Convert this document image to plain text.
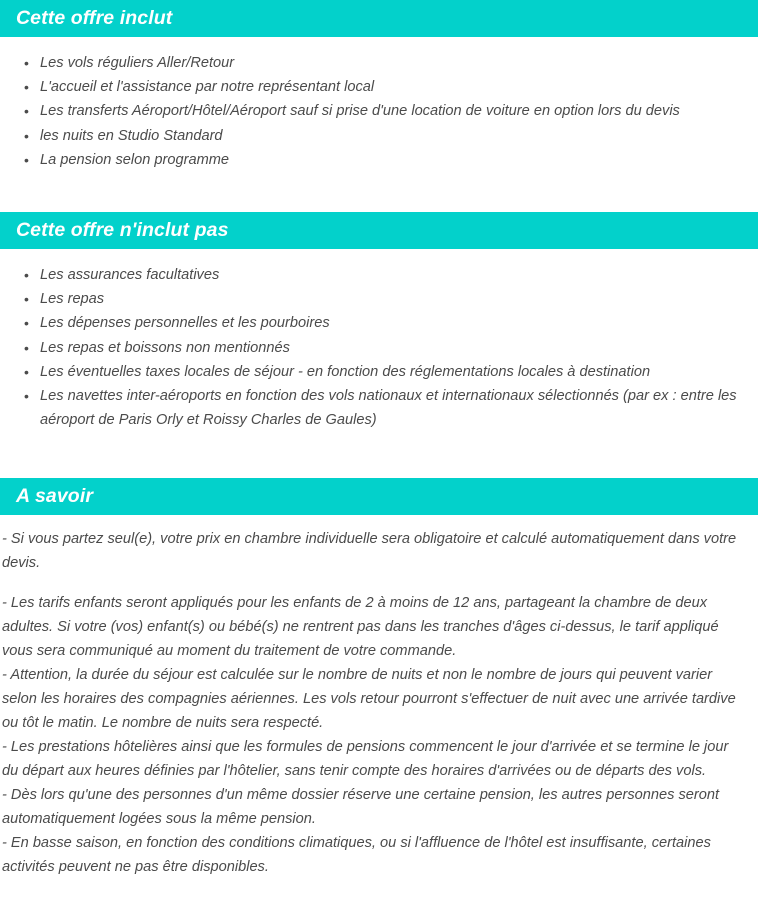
Cette offre inclut
• Les vols réguliers Aller/Retour
• L'accueil et l'assistance par notre représentant local
• Les transferts Aéroport/Hôtel/Aéroport sauf si prise d'une location de voiture en option lors du devis
• les nuits en Studio Standard
• La pension selon programme
Cette offre n'inclut pas
• Les assurances facultatives
• Les repas
• Les dépenses personnelles et les pourboires
• Les repas et boissons non mentionnés
• Les éventuelles taxes locales de séjour - en fonction des réglementations locales à destination
• Les navettes inter-aéroports en fonction des vols nationaux et internationaux sélectionnés (par ex : entre les aéroport de Paris Orly et Roissy Charles de Gaules)
A savoir

- Si vous partez seul(e), votre prix en chambre individuelle sera obligatoire et calculé automatiquement dans votre devis.

- Les tarifs enfants seront appliqués pour les enfants de 2 à moins de 12 ans, partageant la chambre de deux adultes. Si votre (vos) enfant(s) ou bébé(s) ne rentrent pas dans les tranches d'âges ci-dessus, le tarif appliqué vous sera communiqué au moment du traitement de votre commande.

- Attention, la durée du séjour est calculée sur le nombre de nuits et non le nombre de jours qui peuvent varier selon les horaires des compagnies aériennes. Les vols retour pourront s'effectuer de nuit avec une arrivée tardive ou tôt le matin. Le nombre de nuits sera respecté.

- Les prestations hôtelières ainsi que les formules de pensions commencent le jour d'arrivée et se termine le jour du départ aux heures définies par l'hôtelier, sans tenir compte des horaires d'arrivées ou de départs des vols.

- Dès lors qu'une des personnes d'un même dossier réserve une certaine pension, les autres personnes seront automatiquement logées sous la même pension.

- En basse saison, en fonction des conditions climatiques, ou si l'affluence de l'hôtel est insuffisante, certaines activités peuvent ne pas être disponibles.
